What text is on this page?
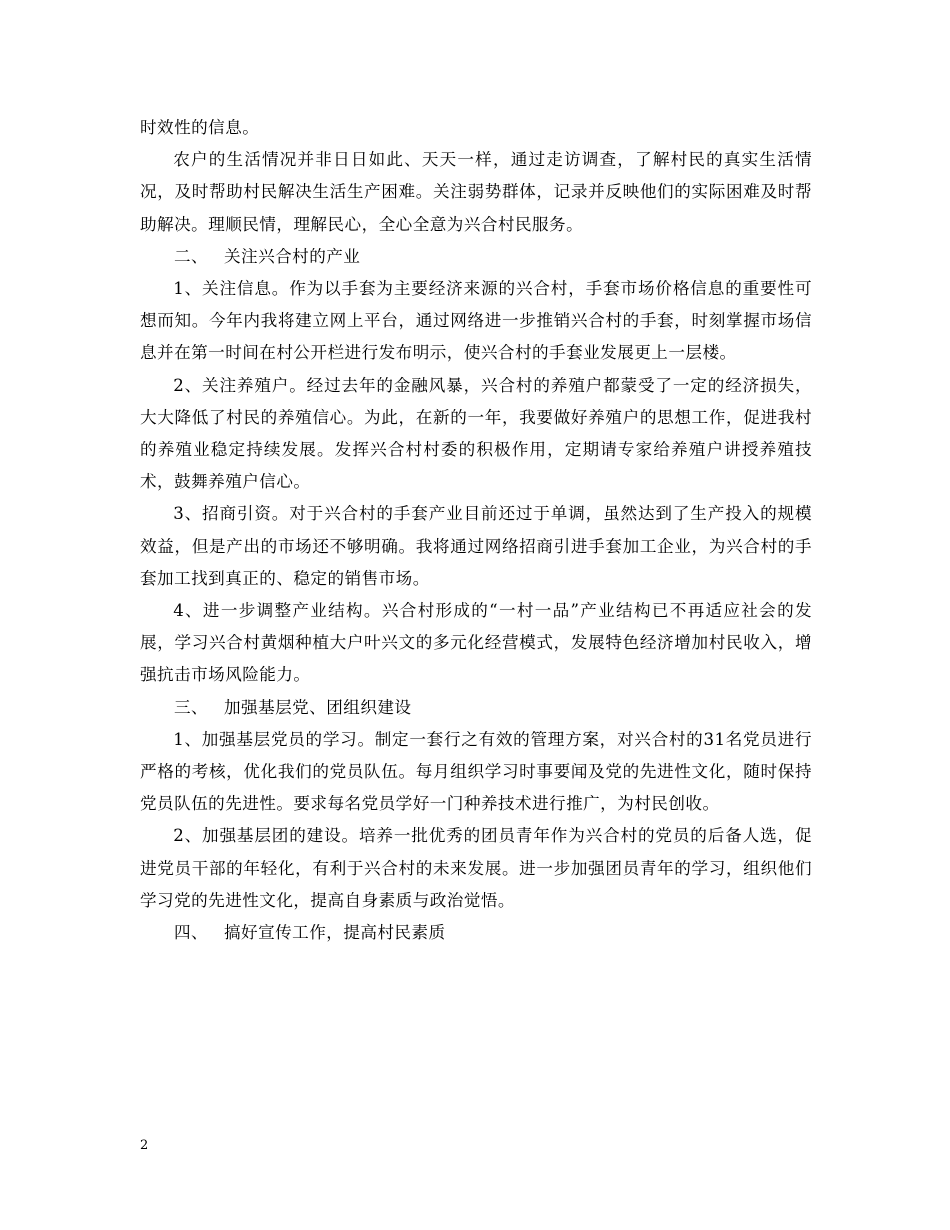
时效性的信息。

农户的生活情况并非日日如此、天天一样，通过走访调查，了解村民的真实生活情况，及时帮助村民解决生活生产困难。关注弱势群体，记录并反映他们的实际困难及时帮助解决。理顺民情，理解民心，全心全意为兴合村民服务。

二、 关注兴合村的产业

1、关注信息。作为以手套为主要经济来源的兴合村，手套市场价格信息的重要性可想而知。今年内我将建立网上平台，通过网络进一步推销兴合村的手套，时刻掌握市场信息并在第一时间在村公开栏进行发布明示，使兴合村的手套业发展更上一层楼。

2、关注养殖户。经过去年的金融风暴，兴合村的养殖户都蒙受了一定的经济损失，大大降低了村民的养殖信心。为此，在新的一年，我要做好养殖户的思想工作，促进我村的养殖业稳定持续发展。发挥兴合村村委的积极作用，定期请专家给养殖户讲授养殖技术，鼓舞养殖户信心。

3、招商引资。对于兴合村的手套产业目前还过于单调，虽然达到了生产投入的规模效益，但是产出的市场还不够明确。我将通过网络招商引进手套加工企业，为兴合村的手套加工找到真正的、稳定的销售市场。

4、进一步调整产业结构。兴合村形成的“一村一品”产业结构已不再适应社会的发展，学习兴合村黄烟种植大户叶兴文的多元化经营模式，发展特色经济增加村民收入，增强抗击市场风险能力。

三、 加强基层党、团组织建设

1、加强基层党员的学习。制定一套行之有效的管理方案，对兴合村的31名党员进行严格的考核，优化我们的党员队伍。每月组织学习时事要闻及党的先进性文化，随时保持党员队伍的先进性。要求每名党员学好一门种养技术进行推广，为村民创收。

2、加强基层团的建设。培养一批优秀的团员青年作为兴合村的党员的后备人选，促进党员干部的年轻化，有利于兴合村的未来发展。进一步加强团员青年的学习，组织他们学习党的先进性文化，提高自身素质与政治觉悟。

四、 搞好宣传工作，提高村民素质

2
